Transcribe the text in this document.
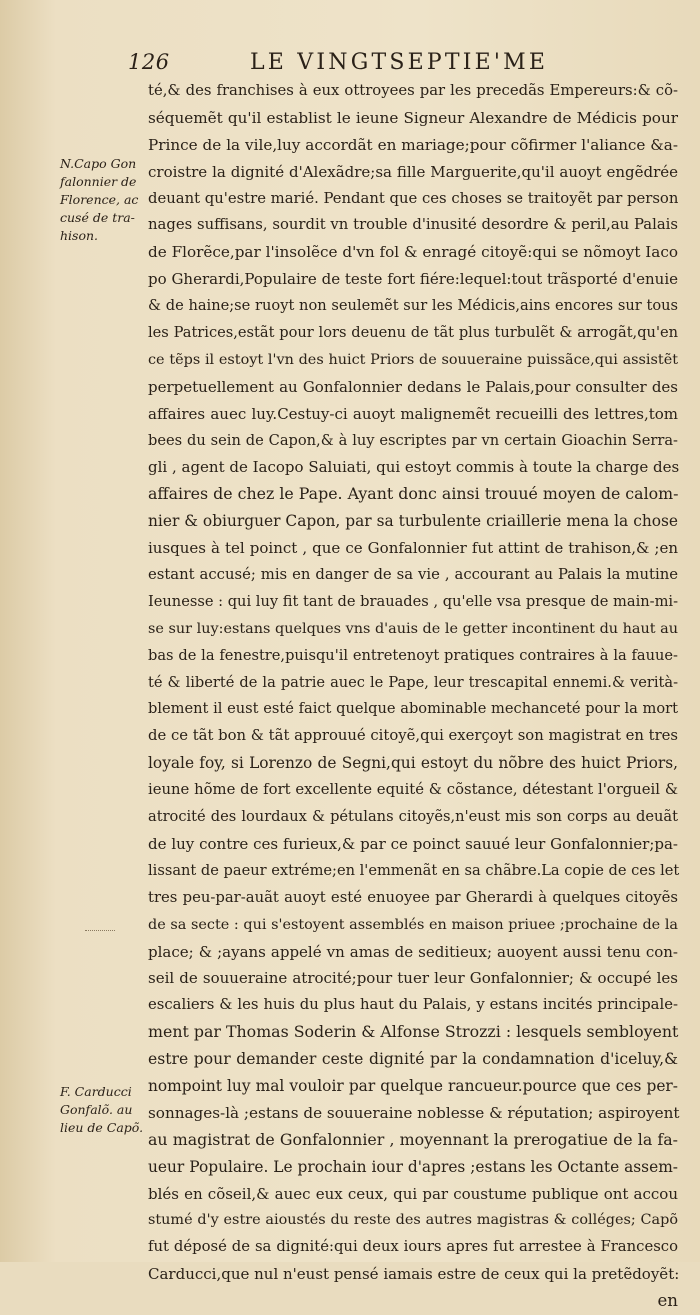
126	LE VINGTSEPTIE'ME
N.Capo Gon
falonnier de
Florence, ac
cusé de tra-
hison.
F. Carducci
Gonfalõ. au
lieu de Capõ.
té,& des franchises à eux ottroyees par les precedãs Empereurs:& cõ-
séquemẽt qu'il establist le ieune Signeur Alexandre de Médicis pour
Prince de la vile,luy accordãt en mariage;pour cõfirmer l'aliance &a-
croistre la dignité d'Alexãdre;sa fille Marguerite,qu'il auoyt engẽdrée
deuant qu'estre marié. Pendant que ces choses se traitoyẽt par person
nages suffisans, sourdit vn trouble d'inusité desordre & peril,au Palais
de Florẽce,par l'insolẽce d'vn fol & enragé citoyẽ:qui se nõmoyt Iaco
po Gherardi,Populaire de teste fort fiére:lequel:tout trãsporté d'enuie
& de haine;se ruoyt non seulemẽt sur les Médicis,ains encores sur tous
les Patrices,estãt pour lors deuenu de tãt plus turbulẽt & arrogãt,qu'en
ce tẽps il estoyt l'vn des huict Priors de souueraine puissãce,qui assistẽt
perpetuellement au Gonfalonnier dedans le Palais,pour consulter des
affaires auec luy.Cestuy-ci auoyt malignemẽt recueilli des lettres,tom
bees du sein de Capon,& à luy escriptes par vn certain Gioachin Serra-
gli , agent de Iacopo Saluiati, qui estoyt commis à toute la charge des
affaires de chez le Pape. Ayant donc ainsi trouué moyen de calom-
nier & obiurguer Capon, par sa turbulente criaillerie mena la chose
iusques à tel poinct , que ce Gonfalonnier fut attint de trahison,& ;en
estant accusé; mis en danger de sa vie , accourant au Palais la mutine
Ieunesse : qui luy fit tant de brauades , qu'elle vsa presque de main-mi-
se sur luy:estans quelques vns d'auis de le getter incontinent du haut au
bas de la fenestre,puisqu'il entretenoyt pratiques contraires à la fauue-
té & liberté de la patrie auec le Pape, leur trescapital ennemi.& verità-
blement il eust esté faict quelque abominable mechanceté pour la mort
de ce tãt bon & tãt approuué citoyẽ,qui exerçoyt son magistrat en tres
loyale foy, si Lorenzo de Segni,qui estoyt du nõbre des huict Priors,
ieune hõme de fort excellente equité & cõstance, détestant l'orgueil &
atrocité des lourdaux & pétulans citoyẽs,n'eust mis son corps au deuãt
de luy contre ces furieux,& par ce poinct sauué leur Gonfalonnier;pa-
lissant de paeur extréme;en l'emmenãt en sa chãbre.La copie de ces let
tres peu-par-auãt auoyt esté enuoyee par Gherardi à quelques citoyẽs
de sa secte : qui s'estoyent assemblés en maison priuee ;prochaine de la
place; & ;ayans appelé vn amas de seditieux; auoyent aussi tenu con-
seil de souueraine atrocité;pour tuer leur Gonfalonnier; & occupé les
escaliers & les huis du plus haut du Palais, y estans incités principale-
ment par Thomas Soderin & Alfonse Strozzi : lesquels sembloyent
estre pour demander ceste dignité par la condamnation d'iceluy,&
nompoint luy mal vouloir par quelque rancueur.pource que ces per-
sonnages-là ;estans de souueraine noblesse & réputation; aspiroyent
au magistrat de Gonfalonnier , moyennant la prerogatiue de la fa-
ueur Populaire. Le prochain iour d'apres ;estans les Octante assem-
blés en cõseil,& auec eux ceux, qui par coustume publique ont accou
stumé d'y estre aioustés du reste des autres magistras & colléges; Capõ
fut déposé de sa dignité:qui deux iours apres fut arrestee à Francesco
Carducci,que nul n'eust pensé iamais estre de ceux qui la pretẽdoyẽt:
en
